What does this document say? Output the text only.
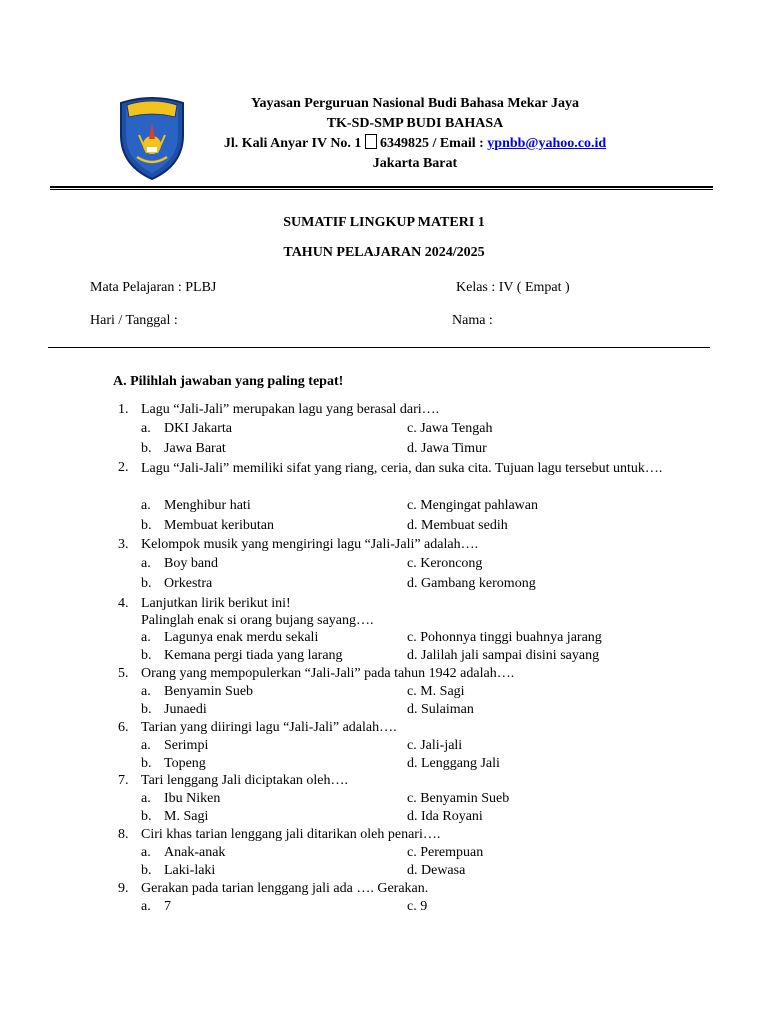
Yayasan Perguruan Nasional Budi Bahasa Mekar Jaya
TK-SD-SMP BUDI BAHASA
Jl. Kali Anyar IV No. 1 6349825 / Email : ypnbb@yahoo.co.id
Jakarta Barat
SUMATIF LINGKUP MATERI 1
TAHUN PELAJARAN 2024/2025
Mata Pelajaran : PLBJ	Kelas : IV ( Empat )
Hari / Tanggal :	Nama :
A. Pilihlah jawaban yang paling tepat!
1. Lagu “Jali-Jali” merupakan lagu yang berasal dari….
a. DKI Jakarta	c. Jawa Tengah
b. Jawa Barat	d. Jawa Timur
2. Lagu “Jali-Jali” memiliki sifat yang riang, ceria, dan suka cita. Tujuan lagu tersebut untuk….
a. Menghibur hati	c. Mengingat pahlawan
b. Membuat keributan	d. Membuat sedih
3. Kelompok musik yang mengiringi lagu “Jali-Jali” adalah….
a. Boy band	c. Keroncong
b. Orkestra	d. Gambang keromong
4. Lanjutkan lirik berikut ini!
Palinglah enak si orang bujang sayang….
a. Lagunya enak merdu sekali	c. Pohonnya tinggi buahnya jarang
b. Kemana pergi tiada yang larang	d. Jalilah jali sampai disini sayang
5. Orang yang mempopulerkan “Jali-Jali” pada tahun 1942 adalah….
a. Benyamin Sueb	c. M. Sagi
b. Junaedi	d. Sulaiman
6. Tarian yang diiringi lagu “Jali-Jali” adalah….
a. Serimpi	c. Jali-jali
b. Topeng	d. Lenggang Jali
7. Tari lenggang Jali diciptakan oleh….
a. Ibu Niken	c. Benyamin Sueb
b. M. Sagi	d. Ida Royani
8. Ciri khas tarian lenggang jali ditarikan oleh penari….
a. Anak-anak	c. Perempuan
b. Laki-laki	d. Dewasa
9. Gerakan pada tarian lenggang jali ada …. Gerakan.
a. 7	c. 9
